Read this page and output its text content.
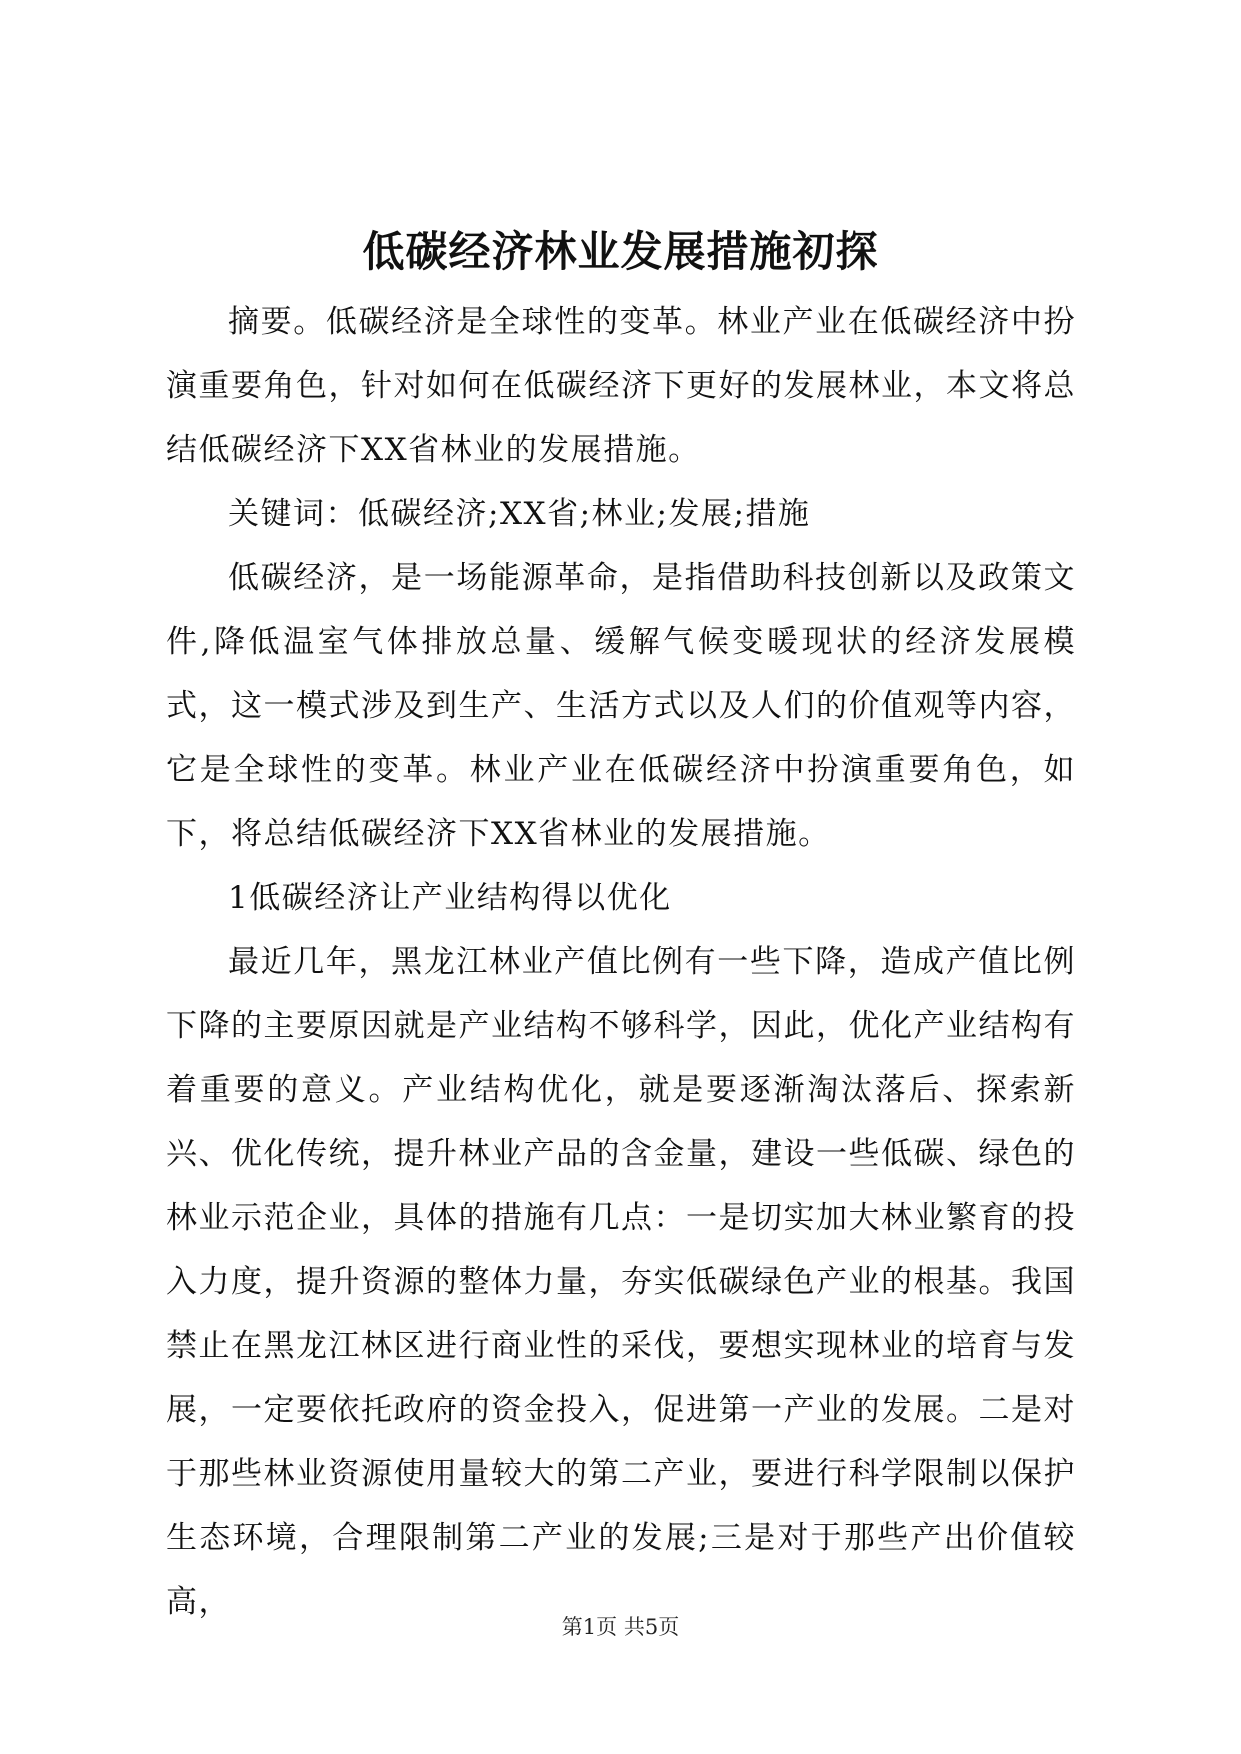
低碳经济林业发展措施初探

摘要。低碳经济是全球性的变革。林业产业在低碳经济中扮演重要角色，针对如何在低碳经济下更好的发展林业，本文将总结低碳经济下XX省林业的发展措施。

关键词：低碳经济;XX省;林业;发展;措施

低碳经济，是一场能源革命，是指借助科技创新以及政策文件,降低温室气体排放总量、缓解气候变暖现状的经济发展模式，这一模式涉及到生产、生活方式以及人们的价值观等内容，它是全球性的变革。林业产业在低碳经济中扮演重要角色，如下，将总结低碳经济下XX省林业的发展措施。

1低碳经济让产业结构得以优化

最近几年，黑龙江林业产值比例有一些下降，造成产值比例下降的主要原因就是产业结构不够科学，因此，优化产业结构有着重要的意义。产业结构优化，就是要逐渐淘汰落后、探索新兴、优化传统，提升林业产品的含金量，建设一些低碳、绿色的林业示范企业，具体的措施有几点：一是切实加大林业繁育的投入力度，提升资源的整体力量，夯实低碳绿色产业的根基。我国禁止在黑龙江林区进行商业性的采伐，要想实现林业的培育与发展，一定要依托政府的资金投入，促进第一产业的发展。二是对于那些林业资源使用量较大的第二产业，要进行科学限制以保护生态环境，合理限制第二产业的发展;三是对于那些产出价值较高，

第1页 共5页
